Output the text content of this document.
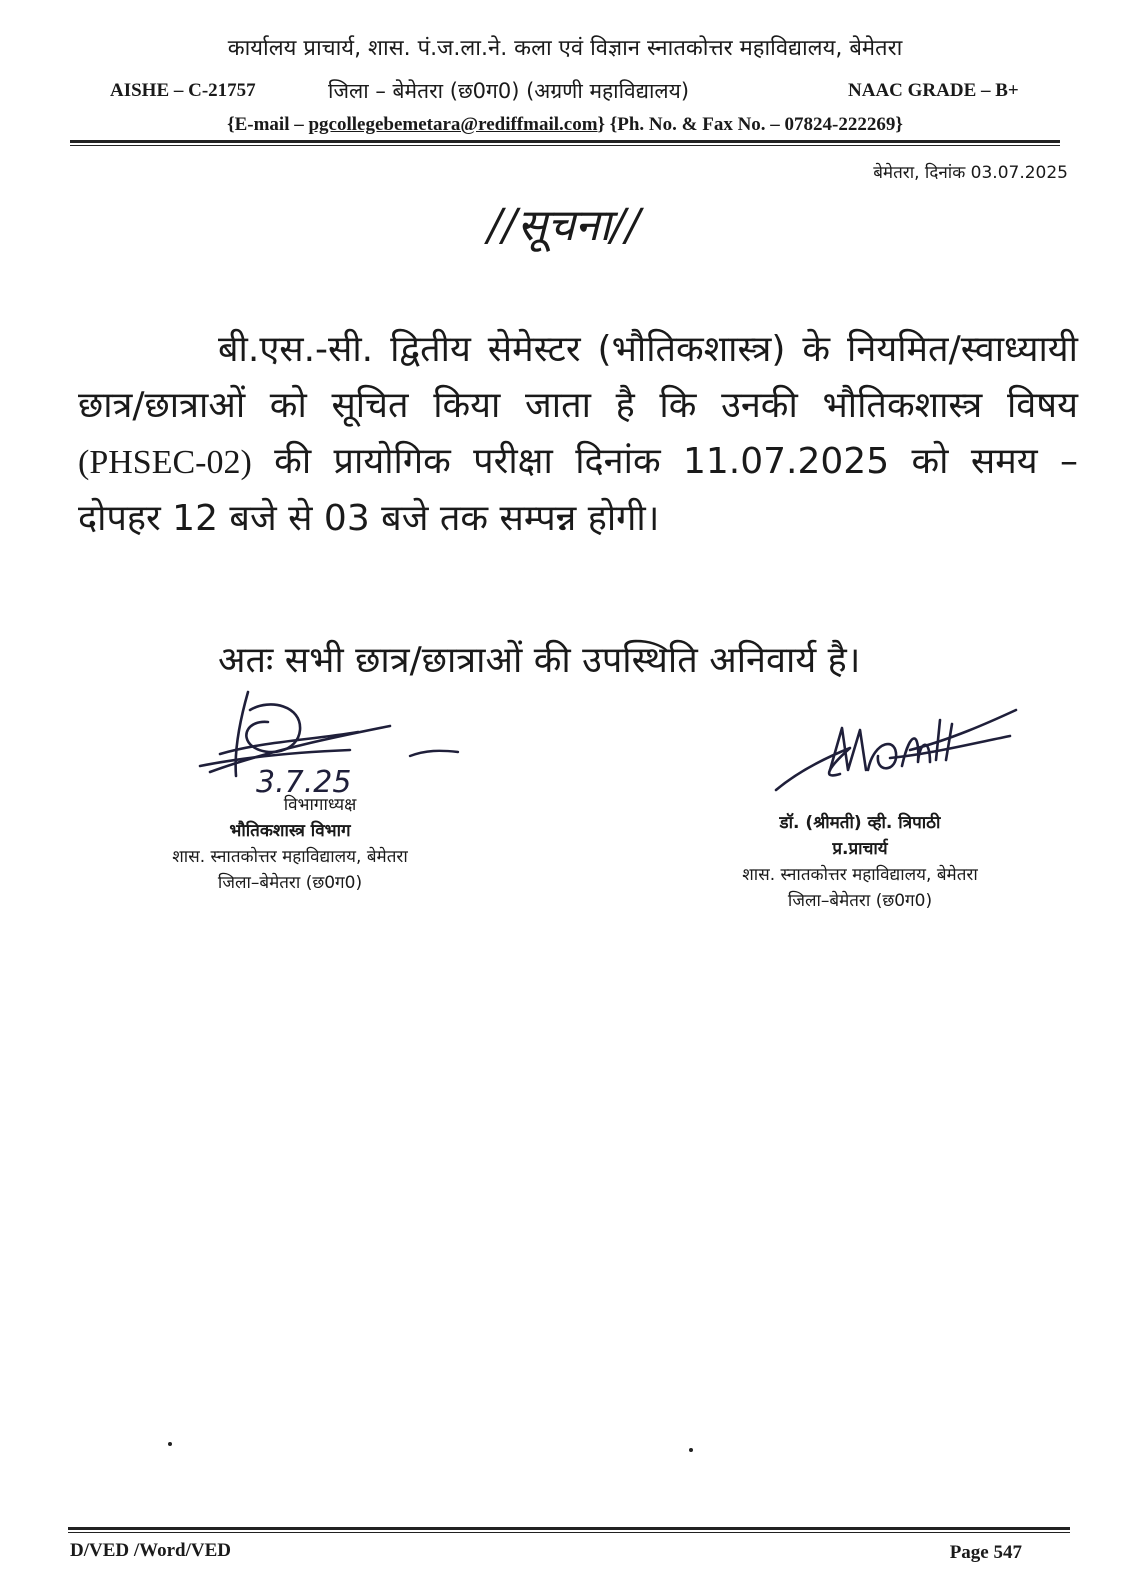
कार्यालय प्राचार्य, शास. पं.ज.ला.ने. कला एवं विज्ञान स्नातकोत्तर महाविद्यालय, बेमेतरा
AISHE – C-21757	जिला – बेमेतरा (छ0ग0) (अग्रणी महाविद्यालय)	NAAC GRADE – B+
{E-mail – pgcollegebemetara@rediffmail.com} {Ph. No. & Fax No. – 07824-222269}
बेमेतरा, दिनांक 03.07.2025
//सूचना//
बी.एस.-सी. द्वितीय सेमेस्टर (भौतिकशास्त्र) के नियमित/स्वाध्यायी छात्र/छात्राओं को सूचित किया जाता है कि उनकी भौतिकशास्त्र विषय (PHSEC-02) की प्रायोगिक परीक्षा दिनांक 11.07.2025 को समय – दोपहर 12 बजे से 03 बजे तक सम्पन्न होगी।
अतः सभी छात्र/छात्राओं की उपस्थिति अनिवार्य है।
3.7.25
विभागाध्यक्ष
भौतिकशास्त्र विभाग
शास. स्नातकोत्तर महाविद्यालय, बेमेतरा
जिला–बेमेतरा (छ0ग0)
डॉ. (श्रीमती) व्ही. त्रिपाठी
प्र.प्राचार्य
शास. स्नातकोत्तर महाविद्यालय, बेमेतरा
जिला–बेमेतरा (छ0ग0)
D/VED /Word/VED	Page 547
